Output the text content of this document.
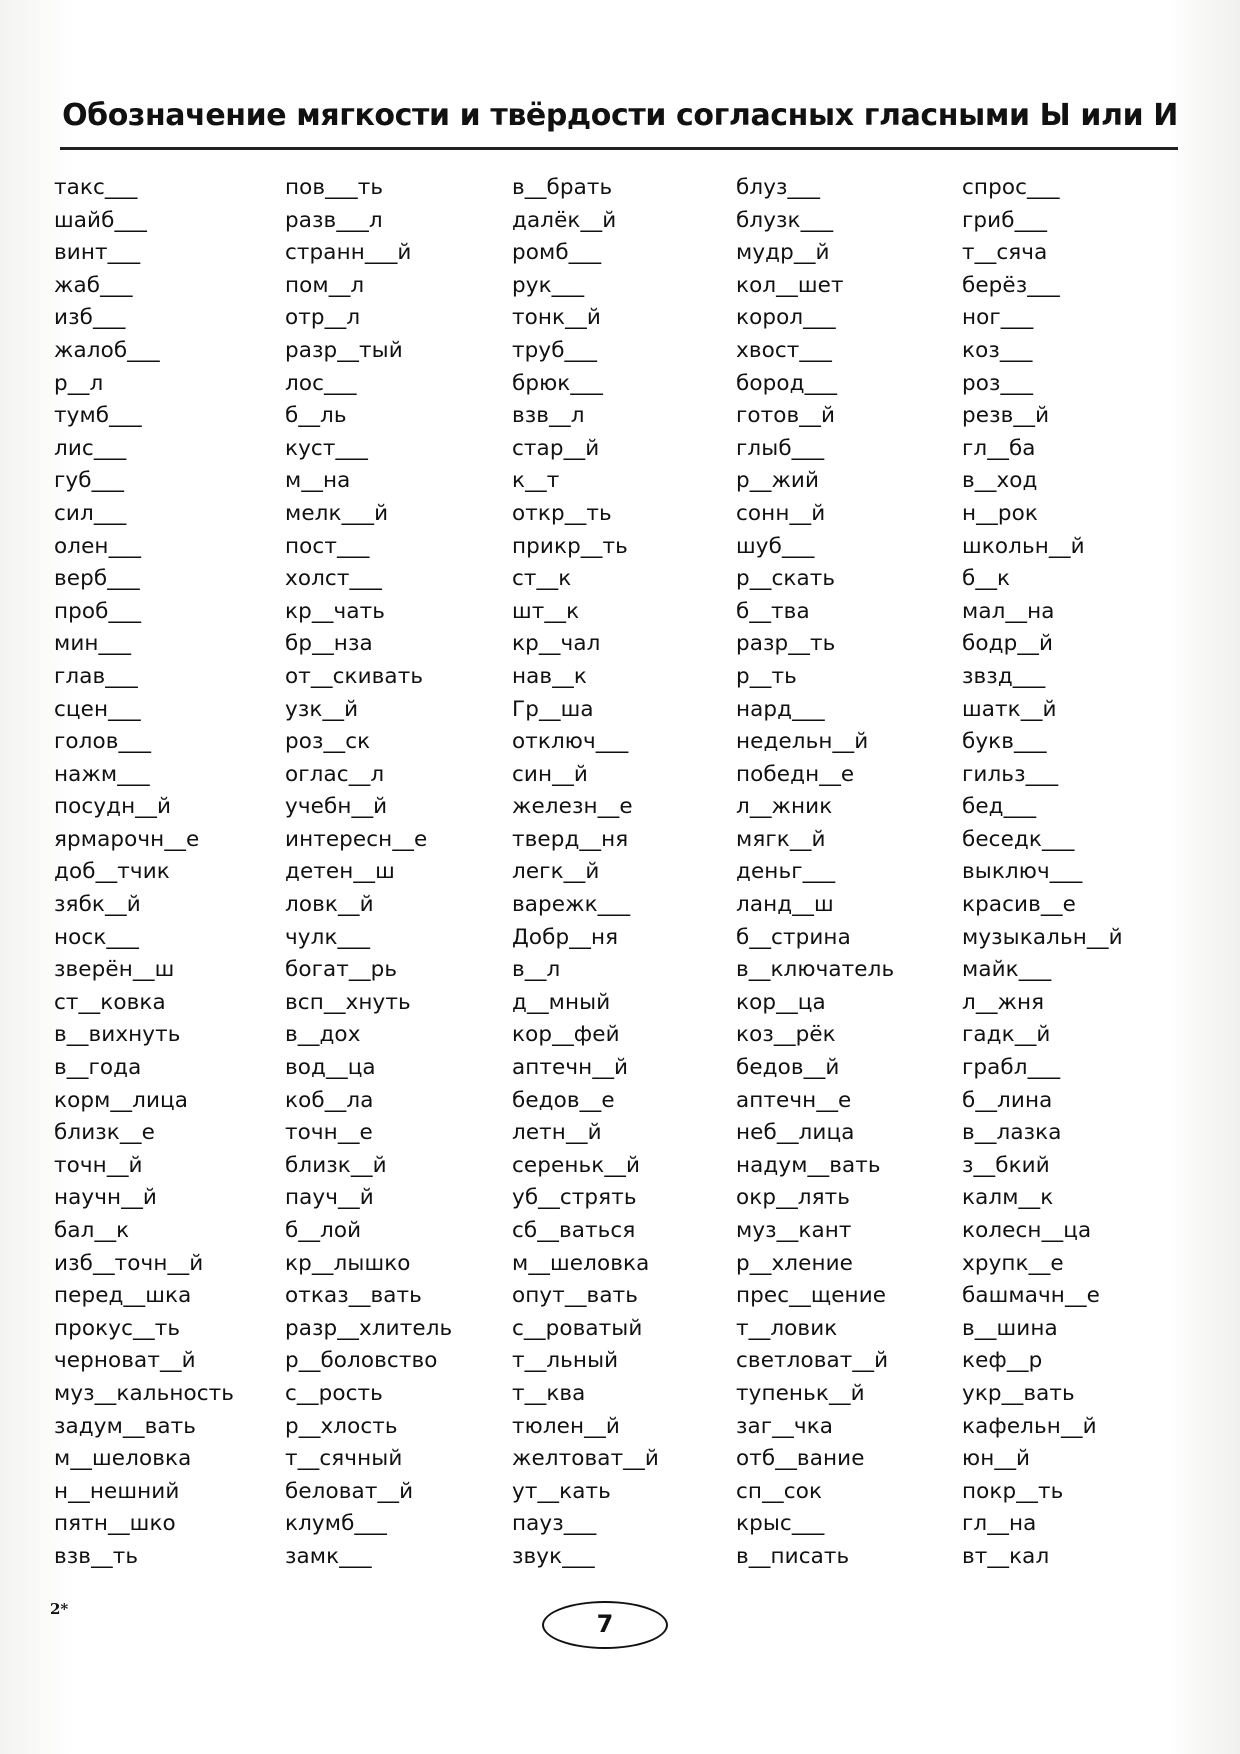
Обозначение мягкости и твёрдости согласных гласными Ы или И
такс___
шайб___
винт___
жаб___
изб___
жалоб___
р__л
тумб___
лис___
губ___
сил___
олен___
верб___
проб___
мин___
глав___
сцен___
голов___
нажм___
посудн__й
ярмарочн__е
доб__тчик
зябк__й
носк___
зверён__ш
ст__ковка
в__вихнуть
в__года
корм__лица
близк__е
точн__й
научн__й
бал__к
изб__точн__й
перед__шка
прокус__ть
черноват__й
муз__кальность
задум__вать
м__шеловка
н__нешний
пятн__шко
взв__ть
пов___ть
разв___л
странн___й
пом__л
отр__л
разр__тый
лос___
б__ль
куст___
м__на
мелк___й
пост___
холст___
кр__чать
бр__нза
от__скивать
узк__й
роз__ск
оглас__л
учебн__й
интересн__е
детен__ш
ловк__й
чулк___
богат__рь
всп__хнуть
в__дох
вод__ца
коб__ла
точн__е
близк__й
пауч__й
б__лой
кр__лышко
отказ__вать
разр__хлитель
р__боловство
с__рость
р__хлость
т__сячный
беловат__й
клумб___
замк___
в__брать
далёк__й
ромб___
рук___
тонк__й
труб___
брюк___
взв__л
стар__й
к__т
откр__ть
прикр__ть
ст__к
шт__к
кр__чал
нав__к
Гр__ша
отключ___
син__й
железн__е
тверд__ня
легк__й
варежк___
Добр__ня
в__л
д__мный
кор__фей
аптечн__й
бедов__е
летн__й
сереньк__й
уб__стрять
сб__ваться
м__шеловка
опут__вать
с__роватый
т__льный
т__ква
тюлен__й
желтоват__й
ут__кать
пауз___
звук___
блуз___
блузк___
мудр__й
кол__шет
корол___
хвост___
бород___
готов__й
глыб___
р__жий
сонн__й
шуб___
р__скать
б__тва
разр__ть
р__ть
нард___
недельн__й
победн__е
л__жник
мягк__й
деньг___
ланд__ш
б__стрина
в__ключатель
кор__ца
коз__рёк
бедов__й
аптечн__е
неб__лица
надум__вать
окр__лять
муз__кант
р__хление
прес__щение
т__ловик
светловат__й
тупеньк__й
заг__чка
отб__вание
сп__сок
крыс___
в__писать
спрос___
гриб___
т__сяча
берёз___
ног___
коз___
роз___
резв__й
гл__ба
в__ход
н__рок
школьн__й
б__к
мал__на
бодр__й
звзд___
шатк__й
букв___
гильз___
бед___
беседк___
выключ___
красив__е
музыкальн__й
майк___
л__жня
гадк__й
грабл___
б__лина
в__лазка
з__бкий
калм__к
колесн__ца
хрупк__е
башмачн__е
в__шина
кеф__р
укр__вать
кафельн__й
юн__й
покр__ть
гл__на
вт__кал
2*
7
